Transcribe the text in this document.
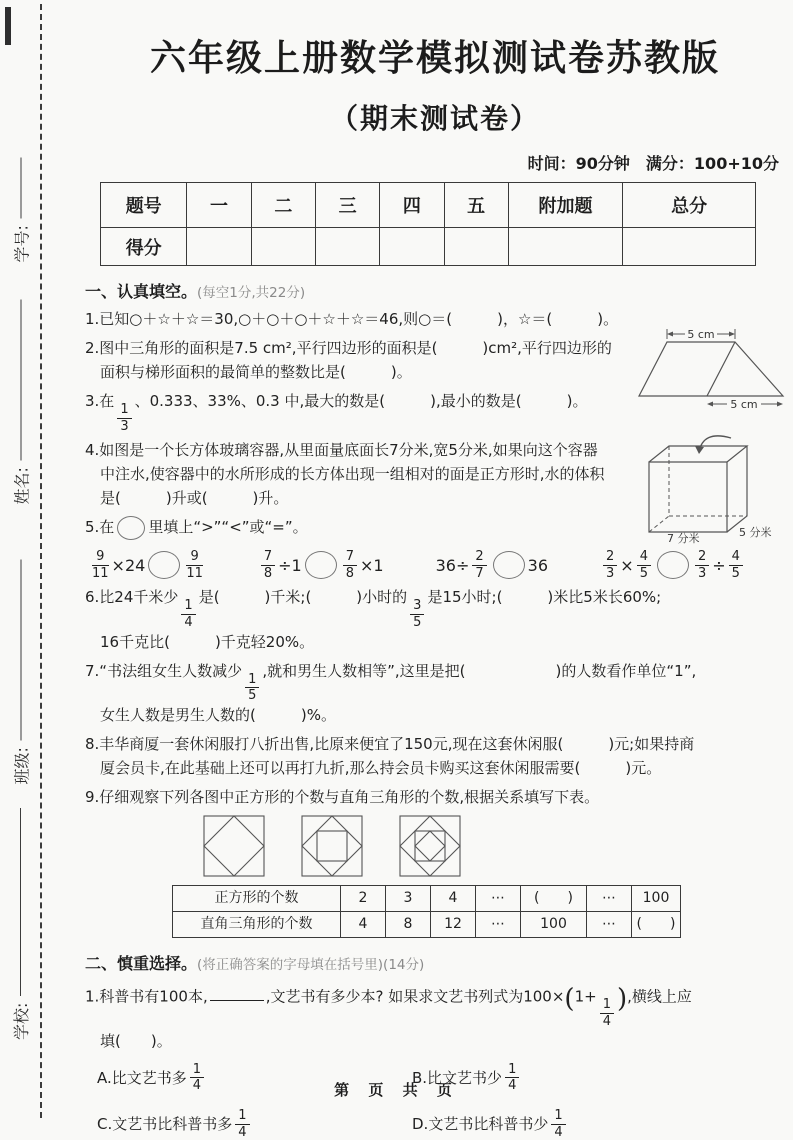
学号:
姓名:
班级:
学校:
六年级上册数学模拟测试卷苏教版
（期末测试卷）
时间：90分钟　满分：100+10分
题号	一	二	三	四	五	附加题	总分
得分							
一、认真填空。(每空1分,共22分)
1.已知○＋☆＋☆＝30,○＋○＋○＋☆＋☆＝46,则○＝(　　　)，☆＝(　　　)。
2.图中三角形的面积是7.5 cm²,平行四边形的面积是(　　　)cm²,平行四边形的
面积与梯形面积的最简单的整数比是(　　　)。
5 cm
5 cm
3.在
$\frac{1}{3}$
、0.333、33%、0.3 中,最大的数是(　　　),最小的数是(　　　)。
4.如图是一个长方体玻璃容器,从里面量底面长7分米,宽5分米,如果向这个容器
中注水,使容器中的水所形成的长方体出现一组相对的面是正方形时,水的体积
是(　　　)升或(　　　)升。
7 分米	5 分米
5.在 里填上“>”“<”或“=”。
$\frac{9}{11} \times 24$	$\frac{9}{11}$	$\frac{7}{8} \div 1$	$\frac{7}{8} \times 1$	$36\div \frac{2}{7}$	36	$\frac{2}{3} \times \frac{4}{5}$	$\frac{2}{3} \div \frac{4}{5}$
6.比24千米少
$\frac{1}{4}$
是(　　　)千米;(　　　)小时的
$\frac{3}{5}$
是15小时;(　　　)米比5米长60%;
16千克比(　　　)千克轻20%。
7.“书法组女生人数减少
$\frac{1}{5}$
,就和男生人数相等”,这里是把(　　　　　　)的人数看作单位“1”,
女生人数是男生人数的(　　　)%。
8.丰华商厦一套休闲服打八折出售,比原来便宜了150元,现在这套休闲服(　　　)元;如果持商
厦会员卡,在此基础上还可以再打九折,那么持会员卡购买这套休闲服需要(　　　)元。
9.仔细观察下列各图中正方形的个数与直角三角形的个数,根据关系填写下表。
正方形的个数	2	3	4	⋯	(　　)	⋯	100
直角三角形的个数	4	8	12	⋯	100	⋯	(　　)
二、慎重选择。(将正确答案的字母填在括号里)(14分)
1.科普书有100本,	,文艺书有多少本? 如果求文艺书列式为100×(1+
$\frac{1}{4}$ ),横线上应
填(　　)。
A.比文艺书多 $\frac{1}{4}$	B.比文艺书少 $\frac{1}{4}$
C.文艺书比科普书多 $\frac{1}{4}$	D.文艺书比科普书少 $\frac{1}{4}$
第 页 共 页
